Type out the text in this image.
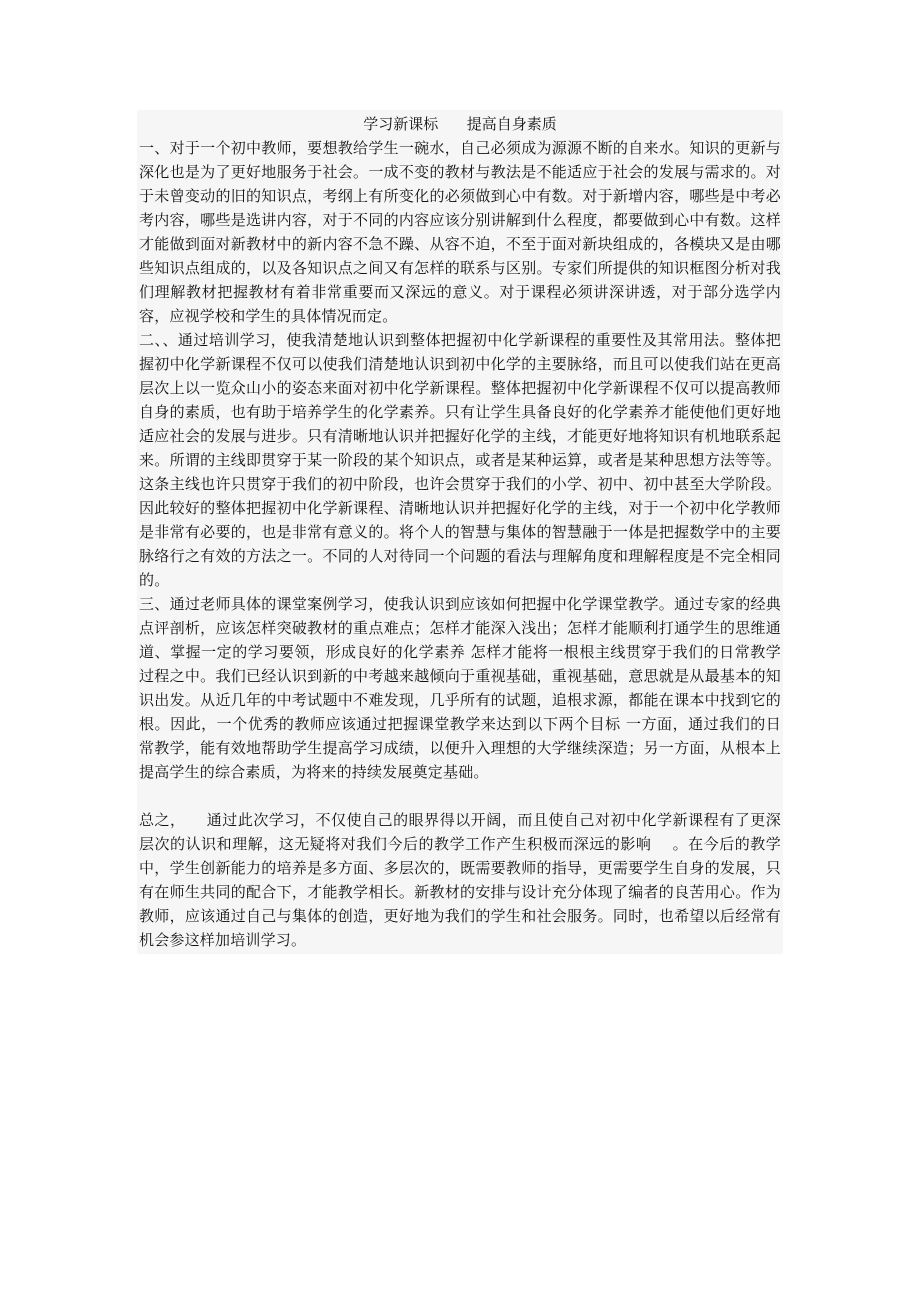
学习新课标      提高自身素质

一、对于一个初中教师，要想教给学生一碗水，自己必须成为源源不断的自来水。知识的更新与深化也是为了更好地服务于社会。一成不变的教材与教法是不能适应于社会的发展与需求的。对于未曾变动的旧的知识点，考纲上有所变化的必须做到心中有数。对于新增内容，哪些是中考必考内容，哪些是选讲内容，对于不同的内容应该分别讲解到什么程度，都要做到心中有数。这样才能做到面对新教材中的新内容不急不躁、从容不迫，不至于面对新块组成的，各模块又是由哪些知识点组成的，以及各知识点之间又有怎样的联系与区别。专家们所提供的知识框图分析对我们理解教材把握教材有着非常重要而又深远的意义。对于课程必须讲深讲透，对于部分选学内容，应视学校和学生的具体情况而定。

二、、通过培训学习，使我清楚地认识到整体把握初中化学新课程的重要性及其常用法。整体把握初中化学新课程不仅可以使我们清楚地认识到初中化学的主要脉络，而且可以使我们站在更高层次上以一览众山小的姿态来面对初中化学新课程。整体把握初中化学新课程不仅可以提高教师自身的素质，也有助于培养学生的化学素养。只有让学生具备良好的化学素养才能使他们更好地适应社会的发展与进步。只有清晰地认识并把握好化学的主线，才能更好地将知识有机地联系起来。所谓的主线即贯穿于某一阶段的某个知识点，或者是某种运算，或者是某种思想方法等等。这条主线也许只贯穿于我们的初中阶段，也许会贯穿于我们的小学、初中、初中甚至大学阶段。因此较好的整体把握初中化学新课程、清晰地认识并把握好化学的主线，对于一个初中化学教师是非常有必要的，也是非常有意义的。将个人的智慧与集体的智慧融于一体是把握数学中的主要脉络行之有效的方法之一。不同的人对待同一个问题的看法与理解角度和理解程度是不完全相同的。

三、通过老师具体的课堂案例学习，使我认识到应该如何把握中化学课堂教学。通过专家的经典点评剖析，应该怎样突破教材的重点难点；怎样才能深入浅出；怎样才能顺利打通学生的思维通道、掌握一定的学习要领，形成良好的化学素养 怎样才能将一根根主线贯穿于我们的日常教学过程之中。我们已经认识到新的中考越来越倾向于重视基础，重视基础，意思就是从最基本的知识出发。从近几年的中考试题中不难发现，几乎所有的试题，追根求源，都能在课本中找到它的根。因此，一个优秀的教师应该通过把握课堂教学来达到以下两个目标 一方面，通过我们的日常教学，能有效地帮助学生提高学习成绩，以便升入理想的大学继续深造；另一方面，从根本上提高学生的综合素质，为将来的持续发展奠定基础。

总之，    通过此次学习，不仅使自己的眼界得以开阔，而且使自己对初中化学新课程有了更深层次的认识和理解，这无疑将对我们今后的教学工作产生积极而深远的影响    。在今后的教学中，学生创新能力的培养是多方面、多层次的，既需要教师的指导，更需要学生自身的发展，只有在师生共同的配合下，才能教学相长。新教材的安排与设计充分体现了编者的良苦用心。作为教师，应该通过自己与集体的创造，更好地为我们的学生和社会服务。同时，也希望以后经常有机会参这样加培训学习。
